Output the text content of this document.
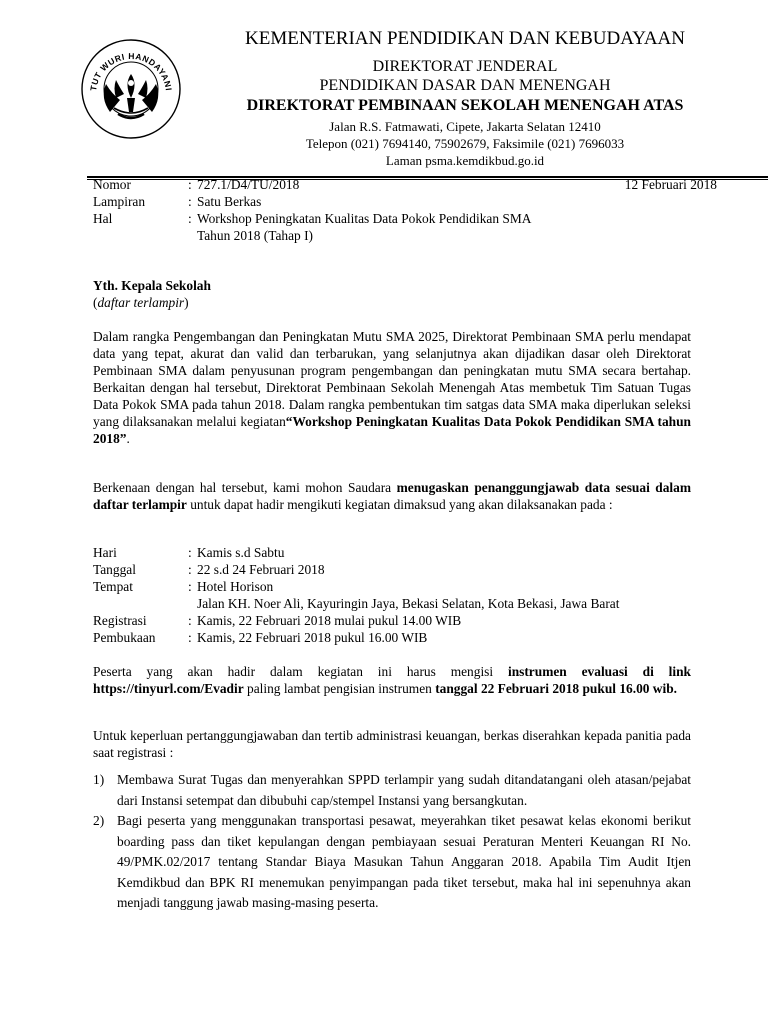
TUT WURI HANDAYANI
KEMENTERIAN PENDIDIKAN DAN KEBUDAYAAN
DIREKTORAT JENDERAL
PENDIDIKAN DASAR DAN MENENGAH
DIREKTORAT PEMBINAAN SEKOLAH MENENGAH ATAS
Jalan R.S. Fatmawati, Cipete, Jakarta Selatan 12410
Telepon (021) 7694140, 75902679, Faksimile (021) 7696033
Laman psma.kemdikbud.go.id
Nomor	: 727.1/D4/TU/2018	12 Februari 2018
Lampiran	: Satu Berkas
Hal	: Workshop Peningkatan Kualitas Data Pokok Pendidikan SMA
Tahun 2018 (Tahap I)
Yth. Kepala Sekolah
(daftar terlampir)
Dalam rangka Pengembangan dan Peningkatan Mutu SMA 2025, Direktorat Pembinaan SMA perlu mendapat data yang tepat, akurat dan valid dan terbarukan, yang selanjutnya akan dijadikan dasar oleh Direktorat Pembinaan SMA dalam penyusunan program pengembangan dan peningkatan mutu SMA secara bertahap. Berkaitan dengan hal tersebut, Direktorat Pembinaan Sekolah Menengah Atas membetuk Tim Satuan Tugas Data Pokok SMA pada tahun 2018. Dalam rangka pembentukan tim satgas data SMA maka diperlukan seleksi yang dilaksanakan melalui kegiatan“Workshop Peningkatan Kualitas Data Pokok Pendidikan SMA tahun 2018”.
Berkenaan dengan hal tersebut, kami mohon Saudara menugaskan penanggungjawab data sesuai dalam daftar terlampir untuk dapat hadir mengikuti kegiatan dimaksud yang akan dilaksanakan pada :
Hari	: Kamis s.d Sabtu
Tanggal	: 22 s.d 24 Februari 2018
Tempat	: Hotel Horison
Jalan KH. Noer Ali, Kayuringin Jaya, Bekasi Selatan, Kota Bekasi, Jawa Barat
Registrasi	: Kamis, 22 Februari 2018 mulai pukul 14.00 WIB
Pembukaan : Kamis, 22 Februari 2018 pukul 16.00 WIB
Peserta yang akan hadir dalam kegiatan ini harus mengisi instrumen evaluasi di link https://tinyurl.com/Evadir paling lambat pengisian instrumen tanggal 22 Februari 2018 pukul 16.00 wib.
Untuk keperluan pertanggungjawaban dan tertib administrasi keuangan, berkas diserahkan kepada panitia pada saat registrasi :
1) Membawa Surat Tugas dan menyerahkan SPPD terlampir yang sudah ditandatangani oleh atasan/pejabat dari Instansi setempat dan dibubuhi cap/stempel Instansi yang bersangkutan.
2) Bagi peserta yang menggunakan transportasi pesawat, meyerahkan tiket pesawat kelas ekonomi berikut boarding pass dan tiket kepulangan dengan pembiayaan sesuai Peraturan Menteri Keuangan RI No. 49/PMK.02/2017 tentang Standar Biaya Masukan Tahun Anggaran 2018. Apabila Tim Audit Itjen Kemdikbud dan BPK RI menemukan penyimpangan pada tiket tersebut, maka hal ini sepenuhnya akan menjadi tanggung jawab masing-masing peserta.
